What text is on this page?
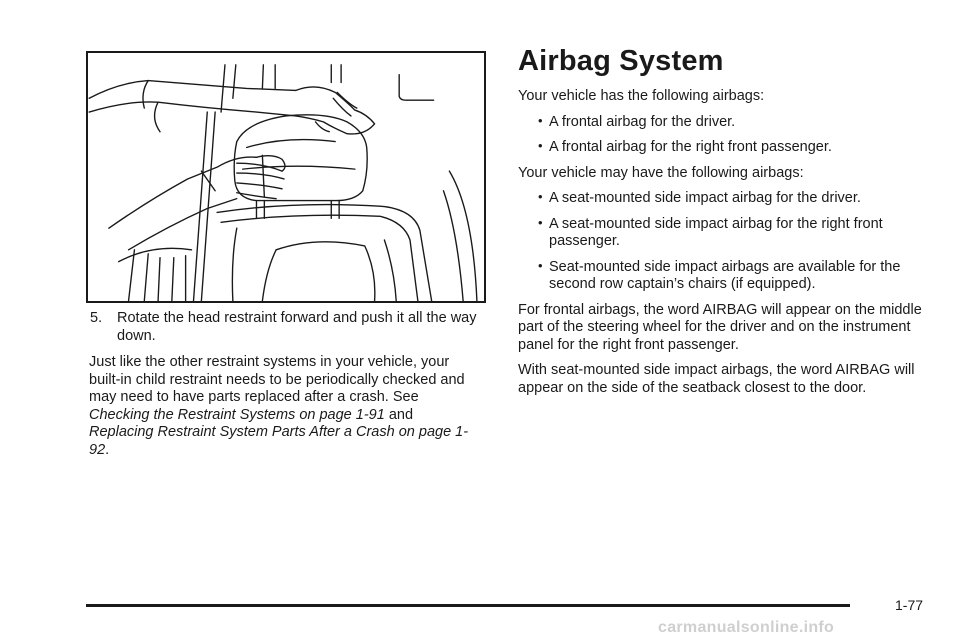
5. Rotate the head restraint forward and push it all the way down.

Just like the other restraint systems in your vehicle, your built-in child restraint needs to be periodically checked and may need to have parts replaced after a crash. See Checking the Restraint Systems on page 1-91 and Replacing Restraint System Parts After a Crash on page 1-92.

Airbag System

Your vehicle has the following airbags:

• A frontal airbag for the driver.
• A frontal airbag for the right front passenger.

Your vehicle may have the following airbags:

• A seat-mounted side impact airbag for the driver.
• A seat-mounted side impact airbag for the right front passenger.
• Seat-mounted side impact airbags are available for the second row captain’s chairs (if equipped).

For frontal airbags, the word AIRBAG will appear on the middle part of the steering wheel for the driver and on the instrument panel for the right front passenger.

With seat-mounted side impact airbags, the word AIRBAG will appear on the side of the seatback closest to the door.

1-77
carmanualsonline.info
